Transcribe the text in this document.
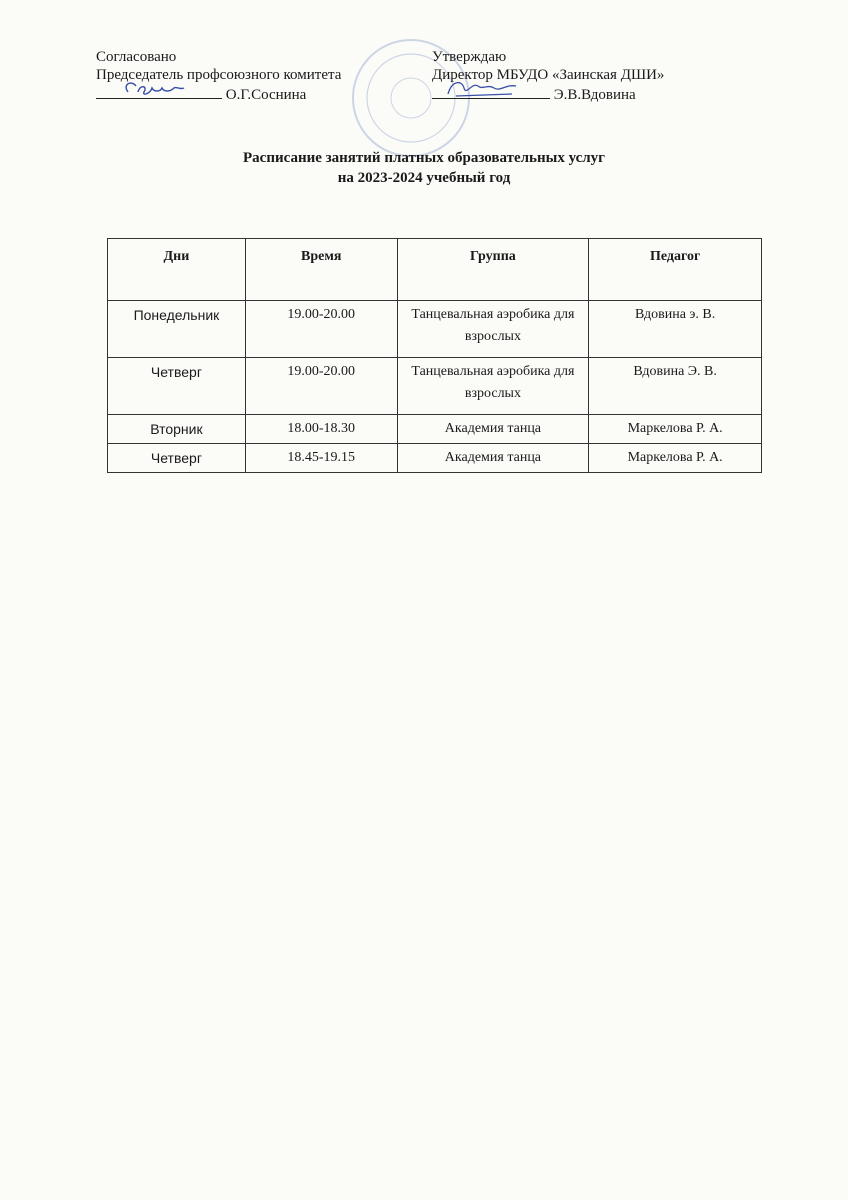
Согласовано
Председатель профсоюзного комитета
О.Г.Соснина
Утверждаю
Директор МБУДО «Заинская ДШИ»
Э.В.Вдовина
Расписание занятий платных образовательных услуг
на 2023-2024 учебный год
Дни	Время	Группа	Педагог

Понедельник	19.00-20.00	Танцевальная аэробика для взрослых	Вдовина э. В.

Четверг	19.00-20.00	Танцевальная аэробика для взрослых	Вдовина Э. В.

Вторник	18.00-18.30	Академия танца	Маркелова Р. А.

Четверг	18.45-19.15	Академия танца	Маркелова Р. А.
